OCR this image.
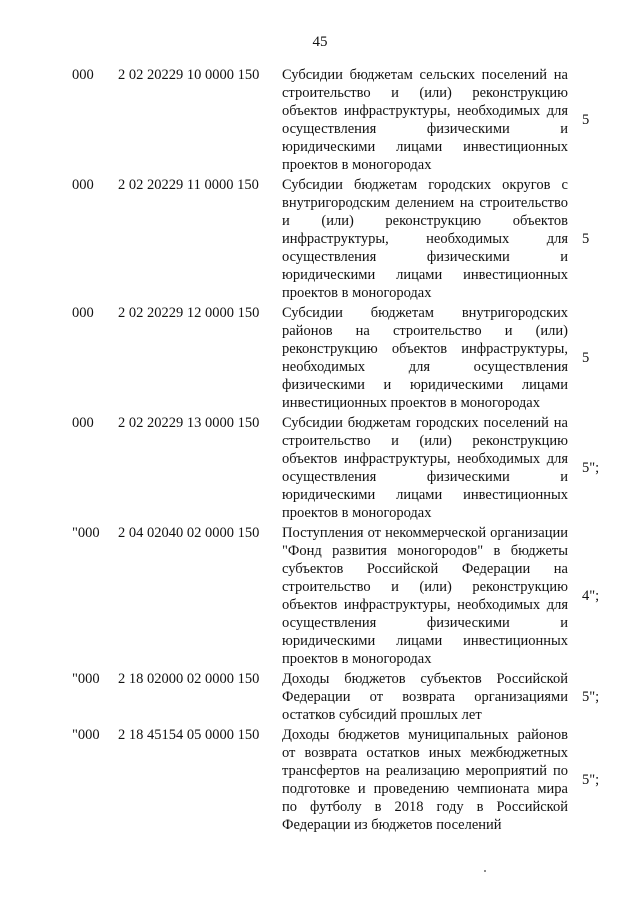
45
000 2 02 20229 10 0000 150 Субсидии бюджетам сельских поселений на строительство и (или) реконструкцию объектов инфраструктуры, необходимых для осуществления физическими и юридическими лицами инвестиционных проектов в моногородах
5
000 2 02 20229 11 0000 150 Субсидии бюджетам городских округов с внутригородским делением на строительство и (или) реконструкцию объектов инфраструктуры, необходимых для осуществления физическими и юридическими лицами инвестиционных проектов в моногородах
5
000 2 02 20229 12 0000 150 Субсидии бюджетам внутригородских районов на строительство и (или) реконструкцию объектов инфраструктуры, необходимых для осуществления физическими и юридическими лицами инвестиционных проектов в моногородах
5
000 2 02 20229 13 0000 150 Субсидии бюджетам городских поселений на строительство и (или) реконструкцию объектов инфраструктуры, необходимых для осуществления физическими и юридическими лицами инвестиционных проектов в моногородах
5";
"000 2 04 02040 02 0000 150 Поступления от некоммерческой организации "Фонд развития моногородов" в бюджеты субъектов Российской Федерации на строительство и (или) реконструкцию объектов инфраструктуры, необходимых для осуществления физическими и юридическими лицами инвестиционных проектов в моногородах
4";
"000 2 18 02000 02 0000 150 Доходы бюджетов субъектов Российской Федерации от возврата организациями остатков субсидий прошлых лет
5";
"000 2 18 45154 05 0000 150 Доходы бюджетов муниципальных районов от возврата остатков иных межбюджетных трансфертов на реализацию мероприятий по подготовке и проведению чемпионата мира по футболу в 2018 году в Российской Федерации из бюджетов поселений
5";
